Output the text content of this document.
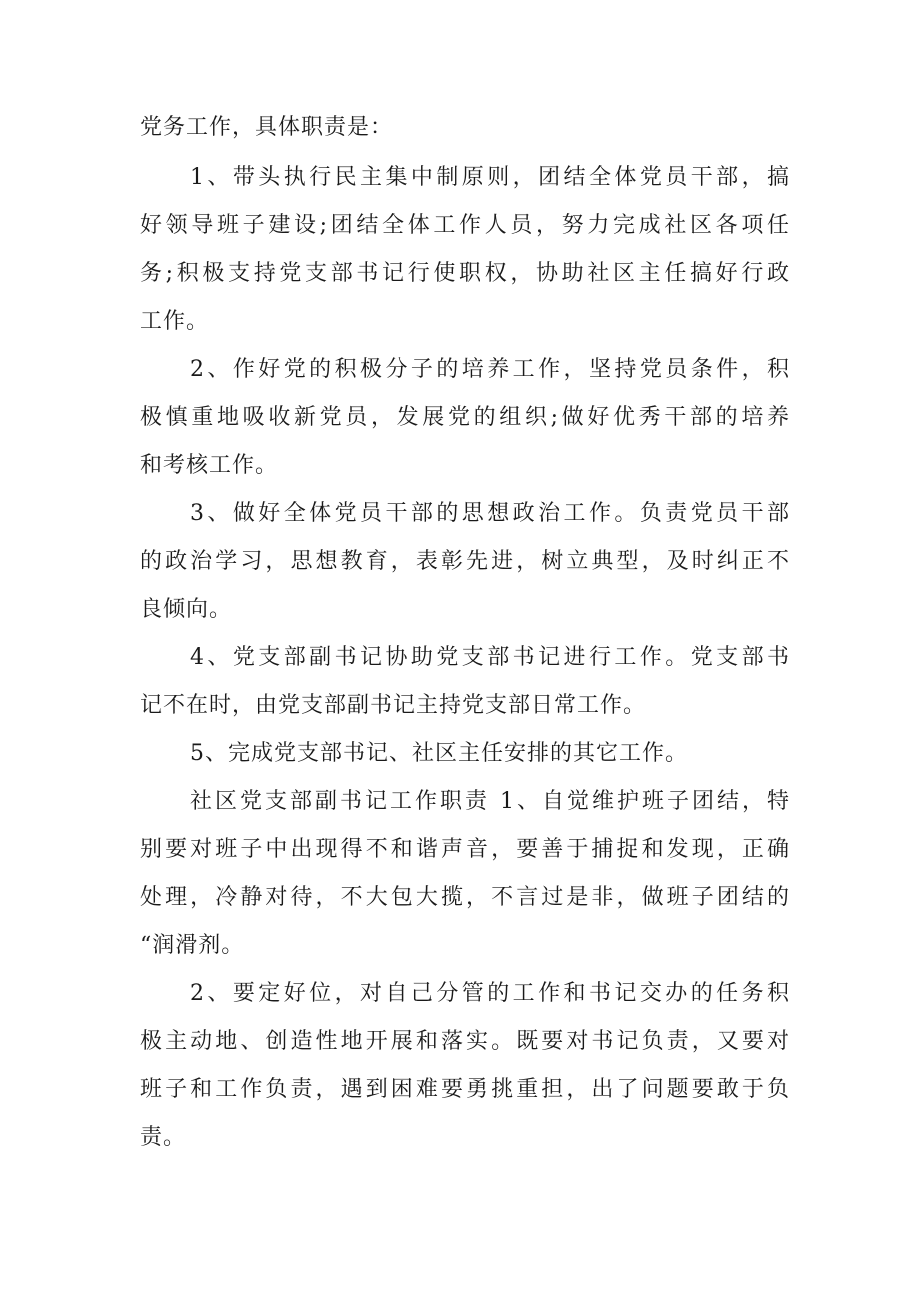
党务工作，具体职责是：
1、带头执行民主集中制原则，团结全体党员干部，搞
好领导班子建设;团结全体工作人员，努力完成社区各项任
务;积极支持党支部书记行使职权，协助社区主任搞好行政
工作。
2、作好党的积极分子的培养工作，坚持党员条件，积
极慎重地吸收新党员，发展党的组织;做好优秀干部的培养
和考核工作。
3、做好全体党员干部的思想政治工作。负责党员干部
的政治学习，思想教育，表彰先进，树立典型，及时纠正不
良倾向。
4、党支部副书记协助党支部书记进行工作。党支部书
记不在时，由党支部副书记主持党支部日常工作。
5、完成党支部书记、社区主任安排的其它工作。
社区党支部副书记工作职责 1、自觉维护班子团结，特
别要对班子中出现得不和谐声音，要善于捕捉和发现，正确
处理，冷静对待，不大包大揽，不言过是非，做班子团结的
“润滑剂。
2、要定好位，对自己分管的工作和书记交办的任务积
极主动地、创造性地开展和落实。既要对书记负责，又要对
班子和工作负责，遇到困难要勇挑重担，出了问题要敢于负
责。
